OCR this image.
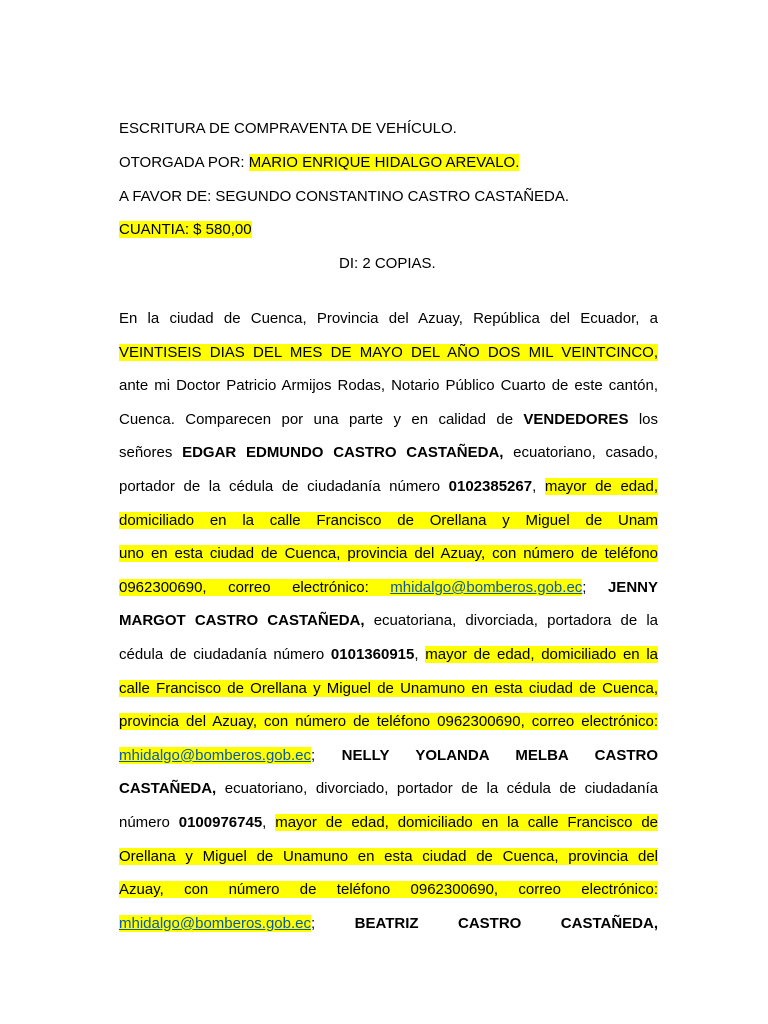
ESCRITURA DE COMPRAVENTA DE VEHÍCULO.
OTORGADA POR: MARIO ENRIQUE HIDALGO AREVALO.
A FAVOR DE: SEGUNDO CONSTANTINO CASTRO CASTAÑEDA.
CUANTIA: $ 580,00
DI: 2 COPIAS.
En la ciudad de Cuenca, Provincia del Azuay, República del Ecuador, a
VEINTISEIS DIAS DEL MES DE MAYO DEL AÑO DOS MIL VEINTCINCO,
ante mi Doctor Patricio Armijos Rodas, Notario Público Cuarto de este cantón,
Cuenca. Comparecen por una parte y en calidad de VENDEDORES los
señores EDGAR EDMUNDO CASTRO CASTAÑEDA, ecuatoriano, casado,
portador de la cédula de ciudadanía número 0102385267, mayor de edad,
domiciliado en la calle Francisco de Orellana y Miguel de Unam
uno en esta ciudad de Cuenca, provincia del Azuay, con número de teléfono
0962300690, correo electrónico: mhidalgo@bomberos.gob.ec; JENNY
MARGOT CASTRO CASTAÑEDA, ecuatoriana, divorciada, portadora de la
cédula de ciudadanía número 0101360915, mayor de edad, domiciliado en la
calle Francisco de Orellana y Miguel de Unamuno en esta ciudad de Cuenca,
provincia del Azuay, con número de teléfono 0962300690, correo electrónico:
mhidalgo@bomberos.gob.ec; NELLY YOLANDA MELBA CASTRO
CASTAÑEDA, ecuatoriano, divorciado, portador de la cédula de ciudadanía
número 0100976745, mayor de edad, domiciliado en la calle Francisco de
Orellana y Miguel de Unamuno en esta ciudad de Cuenca, provincia del
Azuay, con número de teléfono 0962300690, correo electrónico:
mhidalgo@bomberos.gob.ec;	BEATRIZ CASTRO CASTAÑEDA,
